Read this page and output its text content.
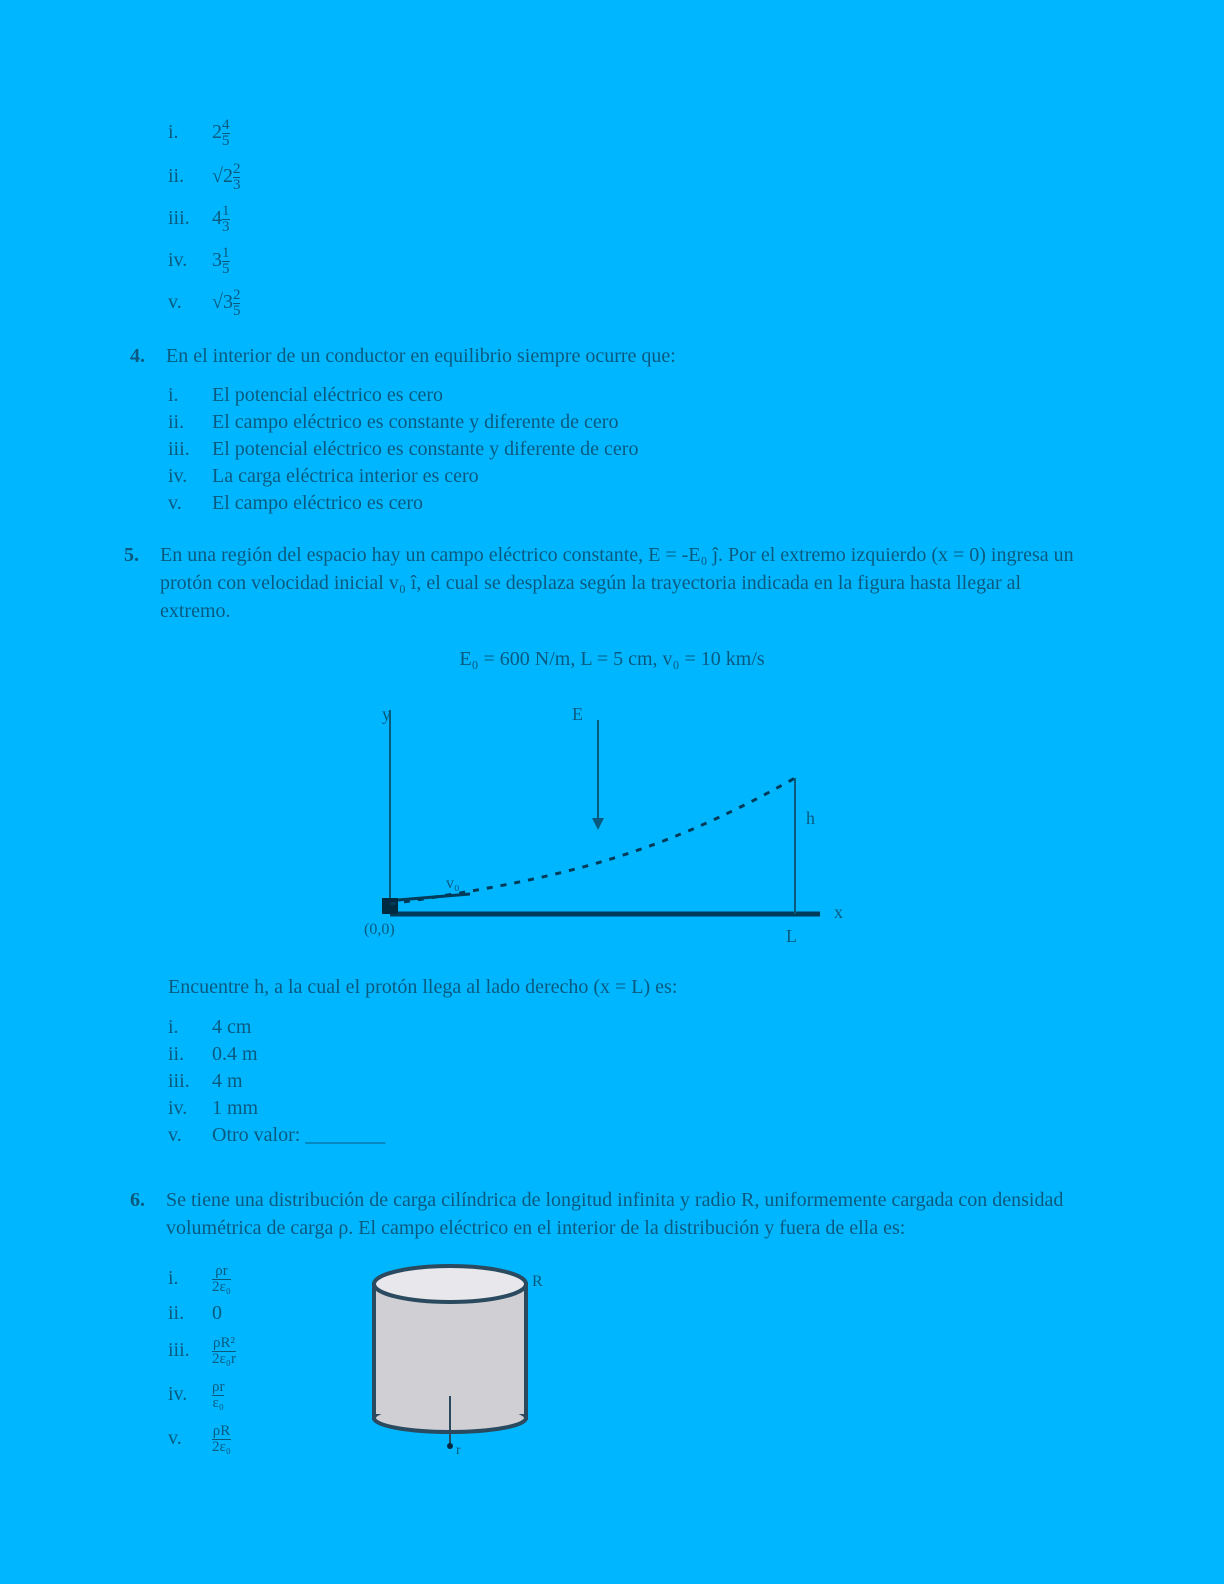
i. $2 \frac{4}{5}$
ii. $√2 \frac{2}{3}$
iii. $4 \frac{1}{3}$
iv. $3 \frac{1}{5}$
v. $√3 \frac{2}{5}$
4. En el interior de un conductor en equilibrio siempre ocurre que:
i. El potencial eléctrico es cero
ii. El campo eléctrico es constante y diferente de cero
iii. El potencial eléctrico es constante y diferente de cero
iv. La carga eléctrica interior es cero
v. El campo eléctrico es cero
5. En una región del espacio hay un campo eléctrico constante, E = -E₀ ĵ. Por el extremo izquierdo (x = 0) ingresa un protón con velocidad inicial v₀ î, el cual se desplaza según la trayectoria indicada en la figura hasta llegar al extremo.
E₀ = 600 N/m, L = 5 cm, v₀ = 10 km/s
y	E
h
x
L
v₀
(0,0)
Encuentre h, a la cual el protón llega al lado derecho (x = L) es:
i. 4 cm
ii. 0.4 m
iii. 4 m
iv. 1 mm
v. Otro valor: ________
6. Se tiene una distribución de carga cilíndrica de longitud infinita y radio R, uniformemente cargada con densidad volumétrica de carga ρ. El campo eléctrico en el interior de la distribución y fuera de ella es:
i. $\frac{\rho r}{\text{2ε₀}}$
ii. 0
iii. $\frac{\text{ρR²}}{\text{2ε₀r}}$
iv. $\frac{\rho r}{\text{ε₀}}$
v. $\frac{\rho R}{\text{2ε₀}}$
R
r
